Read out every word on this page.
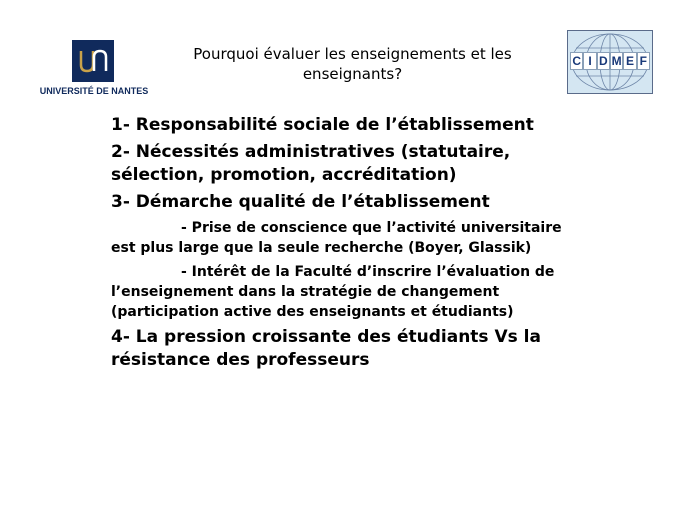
UNIVERSITÉ DE NANTES
Pourquoi évaluer les enseignements et les enseignants?
C I D M E F
1- Responsabilité sociale de l’établissement
2- Nécessités administratives (statutaire, sélection, promotion, accréditation)
3- Démarche qualité de l’établissement
- Prise de conscience que l’activité universitaire est plus large que la seule recherche (Boyer, Glassik)
- Intérêt de la Faculté d’inscrire l’évaluation de l’enseignement dans la stratégie de changement (participation active des enseignants et étudiants)
4- La pression croissante des étudiants Vs la résistance des professeurs
